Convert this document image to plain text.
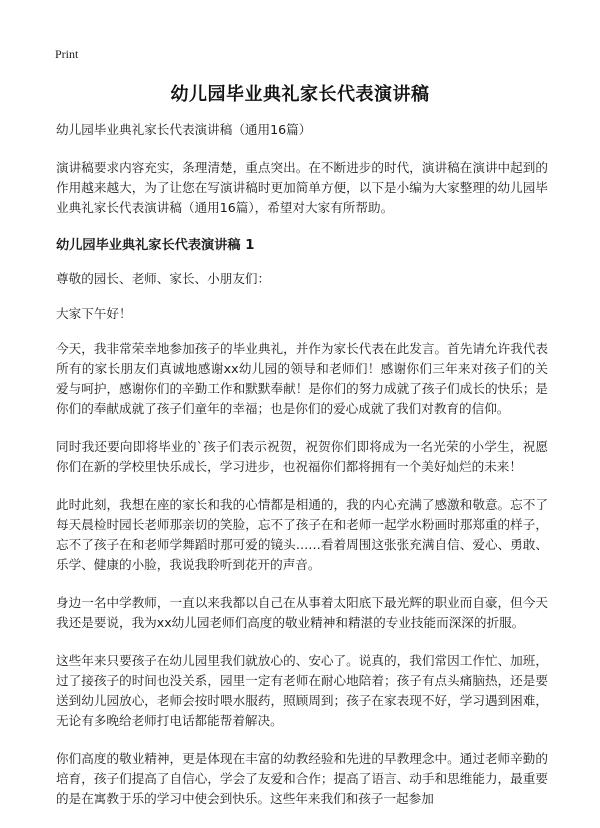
Print
幼儿园毕业典礼家长代表演讲稿

幼儿园毕业典礼家长代表演讲稿（通用16篇）

演讲稿要求内容充实，条理清楚，重点突出。在不断进步的时代，演讲稿在演讲中起到的作用越来越大，为了让您在写演讲稿时更加简单方便，以下是小编为大家整理的幼儿园毕业典礼家长代表演讲稿（通用16篇），希望对大家有所帮助。

幼儿园毕业典礼家长代表演讲稿 1

尊敬的园长、老师、家长、小朋友们：

大家下午好！

今天，我非常荣幸地参加孩子的毕业典礼，并作为家长代表在此发言。首先请允许我代表所有的家长朋友们真诚地感谢xx幼儿园的领导和老师们！感谢你们三年来对孩子们的关爱与呵护，感谢你们的辛勤工作和默默奉献！是你们的努力成就了孩子们成长的快乐；是你们的奉献成就了孩子们童年的幸福；也是你们的爱心成就了我们对教育的信仰。

同时我还要向即将毕业的`孩子们表示祝贺，祝贺你们即将成为一名光荣的小学生，祝愿你们在新的学校里快乐成长，学习进步，也祝福你们都将拥有一个美好灿烂的未来！

此时此刻，我想在座的家长和我的心情都是相通的，我的内心充满了感激和敬意。忘不了每天晨检时园长老师那亲切的笑脸，忘不了孩子在和老师一起学水粉画时那郑重的样子，忘不了孩子在和老师学舞蹈时那可爱的镜头……看着周围这张张充满自信、爱心、勇敢、乐学、健康的小脸，我说我聆听到花开的声音。

身边一名中学教师，一直以来我都以自己在从事着太阳底下最光辉的职业而自豪，但今天我还是要说，我为xx幼儿园老师们高度的敬业精神和精湛的专业技能而深深的折服。

这些年来只要孩子在幼儿园里我们就放心的、安心了。说真的，我们常因工作忙、加班，过了接孩子的时间也没关系，园里一定有老师在耐心地陪着；孩子有点头痛脑热，还是要送到幼儿园放心，老师会按时喂水服药，照顾周到；孩子在家表现不好，学习遇到困难，无论有多晚给老师打电话都能帮着解决。

你们高度的敬业精神，更是体现在丰富的幼教经验和先进的早教理念中。通过老师辛勤的培育，孩子们提高了自信心，学会了友爱和合作；提高了语言、动手和思维能力，最重要的是在寓教于乐的学习中使会到快乐。这些年来我们和孩子一起参加
